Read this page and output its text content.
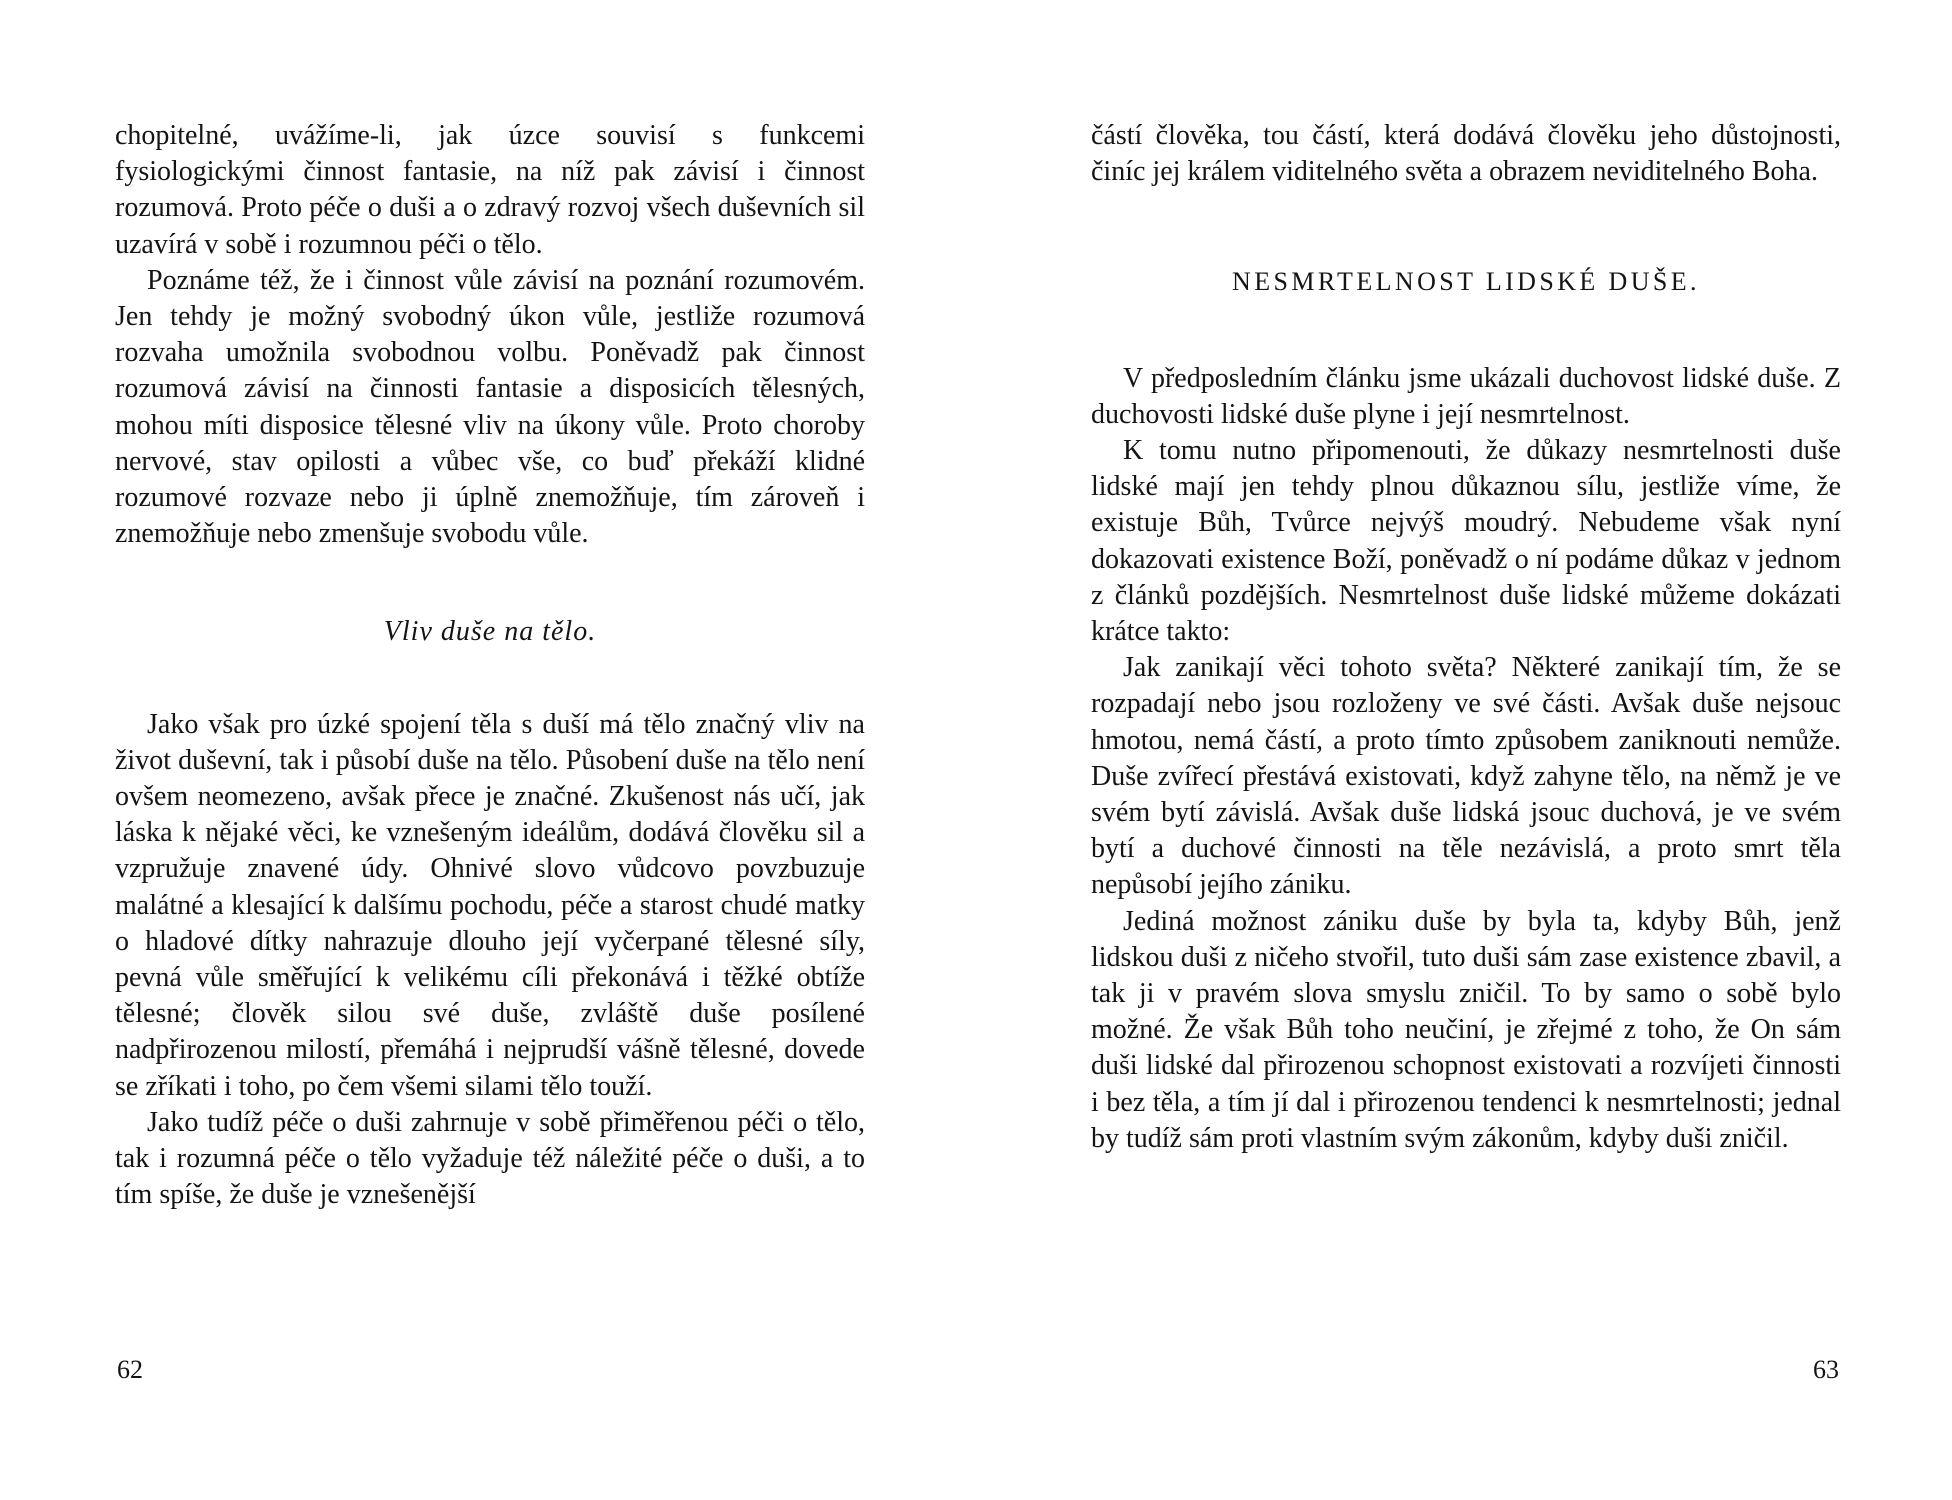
chopitelné, uvážíme-li, jak úzce souvisí s funkcemi fysiologickými činnost fantasie, na níž pak závisí i činnost rozumová. Proto péče o duši a o zdravý rozvoj všech duševních sil uzavírá v sobě i rozumnou péči o tělo.

Poznáme též, že i činnost vůle závisí na poznání rozumovém. Jen tehdy je možný svobodný úkon vůle, jestliže rozumová rozvaha umožnila svobodnou volbu. Poněvadž pak činnost rozumová závisí na činnosti fantasie a disposicích tělesných, mohou míti disposice tělesné vliv na úkony vůle. Proto choroby nervové, stav opilosti a vůbec vše, co buď překáží klidné rozumové rozvaze nebo ji úplně znemožňuje, tím zároveň i znemožňuje nebo zmenšuje svobodu vůle.

Vliv duše na tělo.

Jako však pro úzké spojení těla s duší má tělo značný vliv na život duševní, tak i působí duše na tělo. Působení duše na tělo není ovšem neomezeno, avšak přece je značné. Zkušenost nás učí, jak láska k nějaké věci, ke vznešeným ideálům, dodává člověku sil a vzpružuje znavené údy. Ohnivé slovo vůdcovo povzbuzuje malátné a klesající k dalšímu pochodu, péče a starost chudé matky o hladové dítky nahrazuje dlouho její vyčerpané tělesné síly, pevná vůle směřující k velikému cíli překonává i těžké obtíže tělesné; člověk silou své duše, zvláště duše posílené nadpřirozenou milostí, přemáhá i nejprudší vášně tělesné, dovede se zříkati i toho, po čem všemi silami tělo touží.

Jako tudíž péče o duši zahrnuje v sobě přiměřenou péči o tělo, tak i rozumná péče o tělo vyžaduje též náležité péče o duši, a to tím spíše, že duše je vznešenější

62

částí člověka, tou částí, která dodává člověku jeho důstojnosti, činíc jej králem viditelného světa a obrazem neviditelného Boha.

NESMRTELNOST LIDSKÉ DUŠE.

V předposledním článku jsme ukázali duchovost lidské duše. Z duchovosti lidské duše plyne i její nesmrtelnost.

K tomu nutno připomenouti, že důkazy nesmrtelnosti duše lidské mají jen tehdy plnou důkaznou sílu, jestliže víme, že existuje Bůh, Tvůrce nejvýš moudrý. Nebudeme však nyní dokazovati existence Boží, poněvadž o ní podáme důkaz v jednom z článků pozdějších. Nesmrtelnost duše lidské můžeme dokázati krátce takto:

Jak zanikají věci tohoto světa? Některé zanikají tím, že se rozpadají nebo jsou rozloženy ve své části. Avšak duše nejsouc hmotou, nemá částí, a proto tímto způsobem zaniknouti nemůže. Duše zvířecí přestává existovati, když zahyne tělo, na němž je ve svém bytí závislá. Avšak duše lidská jsouc duchová, je ve svém bytí a duchové činnosti na těle nezávislá, a proto smrt těla nepůsobí jejího zániku.

Jediná možnost zániku duše by byla ta, kdyby Bůh, jenž lidskou duši z ničeho stvořil, tuto duši sám zase existence zbavil, a tak ji v pravém slova smyslu zničil. To by samo o sobě bylo možné. Že však Bůh toho neučiní, je zřejmé z toho, že On sám duši lidské dal přirozenou schopnost existovati a rozvíjeti činnosti i bez těla, a tím jí dal i přirozenou tendenci k nesmrtelnosti; jednal by tudíž sám proti vlastním svým zákonům, kdyby duši zničil.

63
